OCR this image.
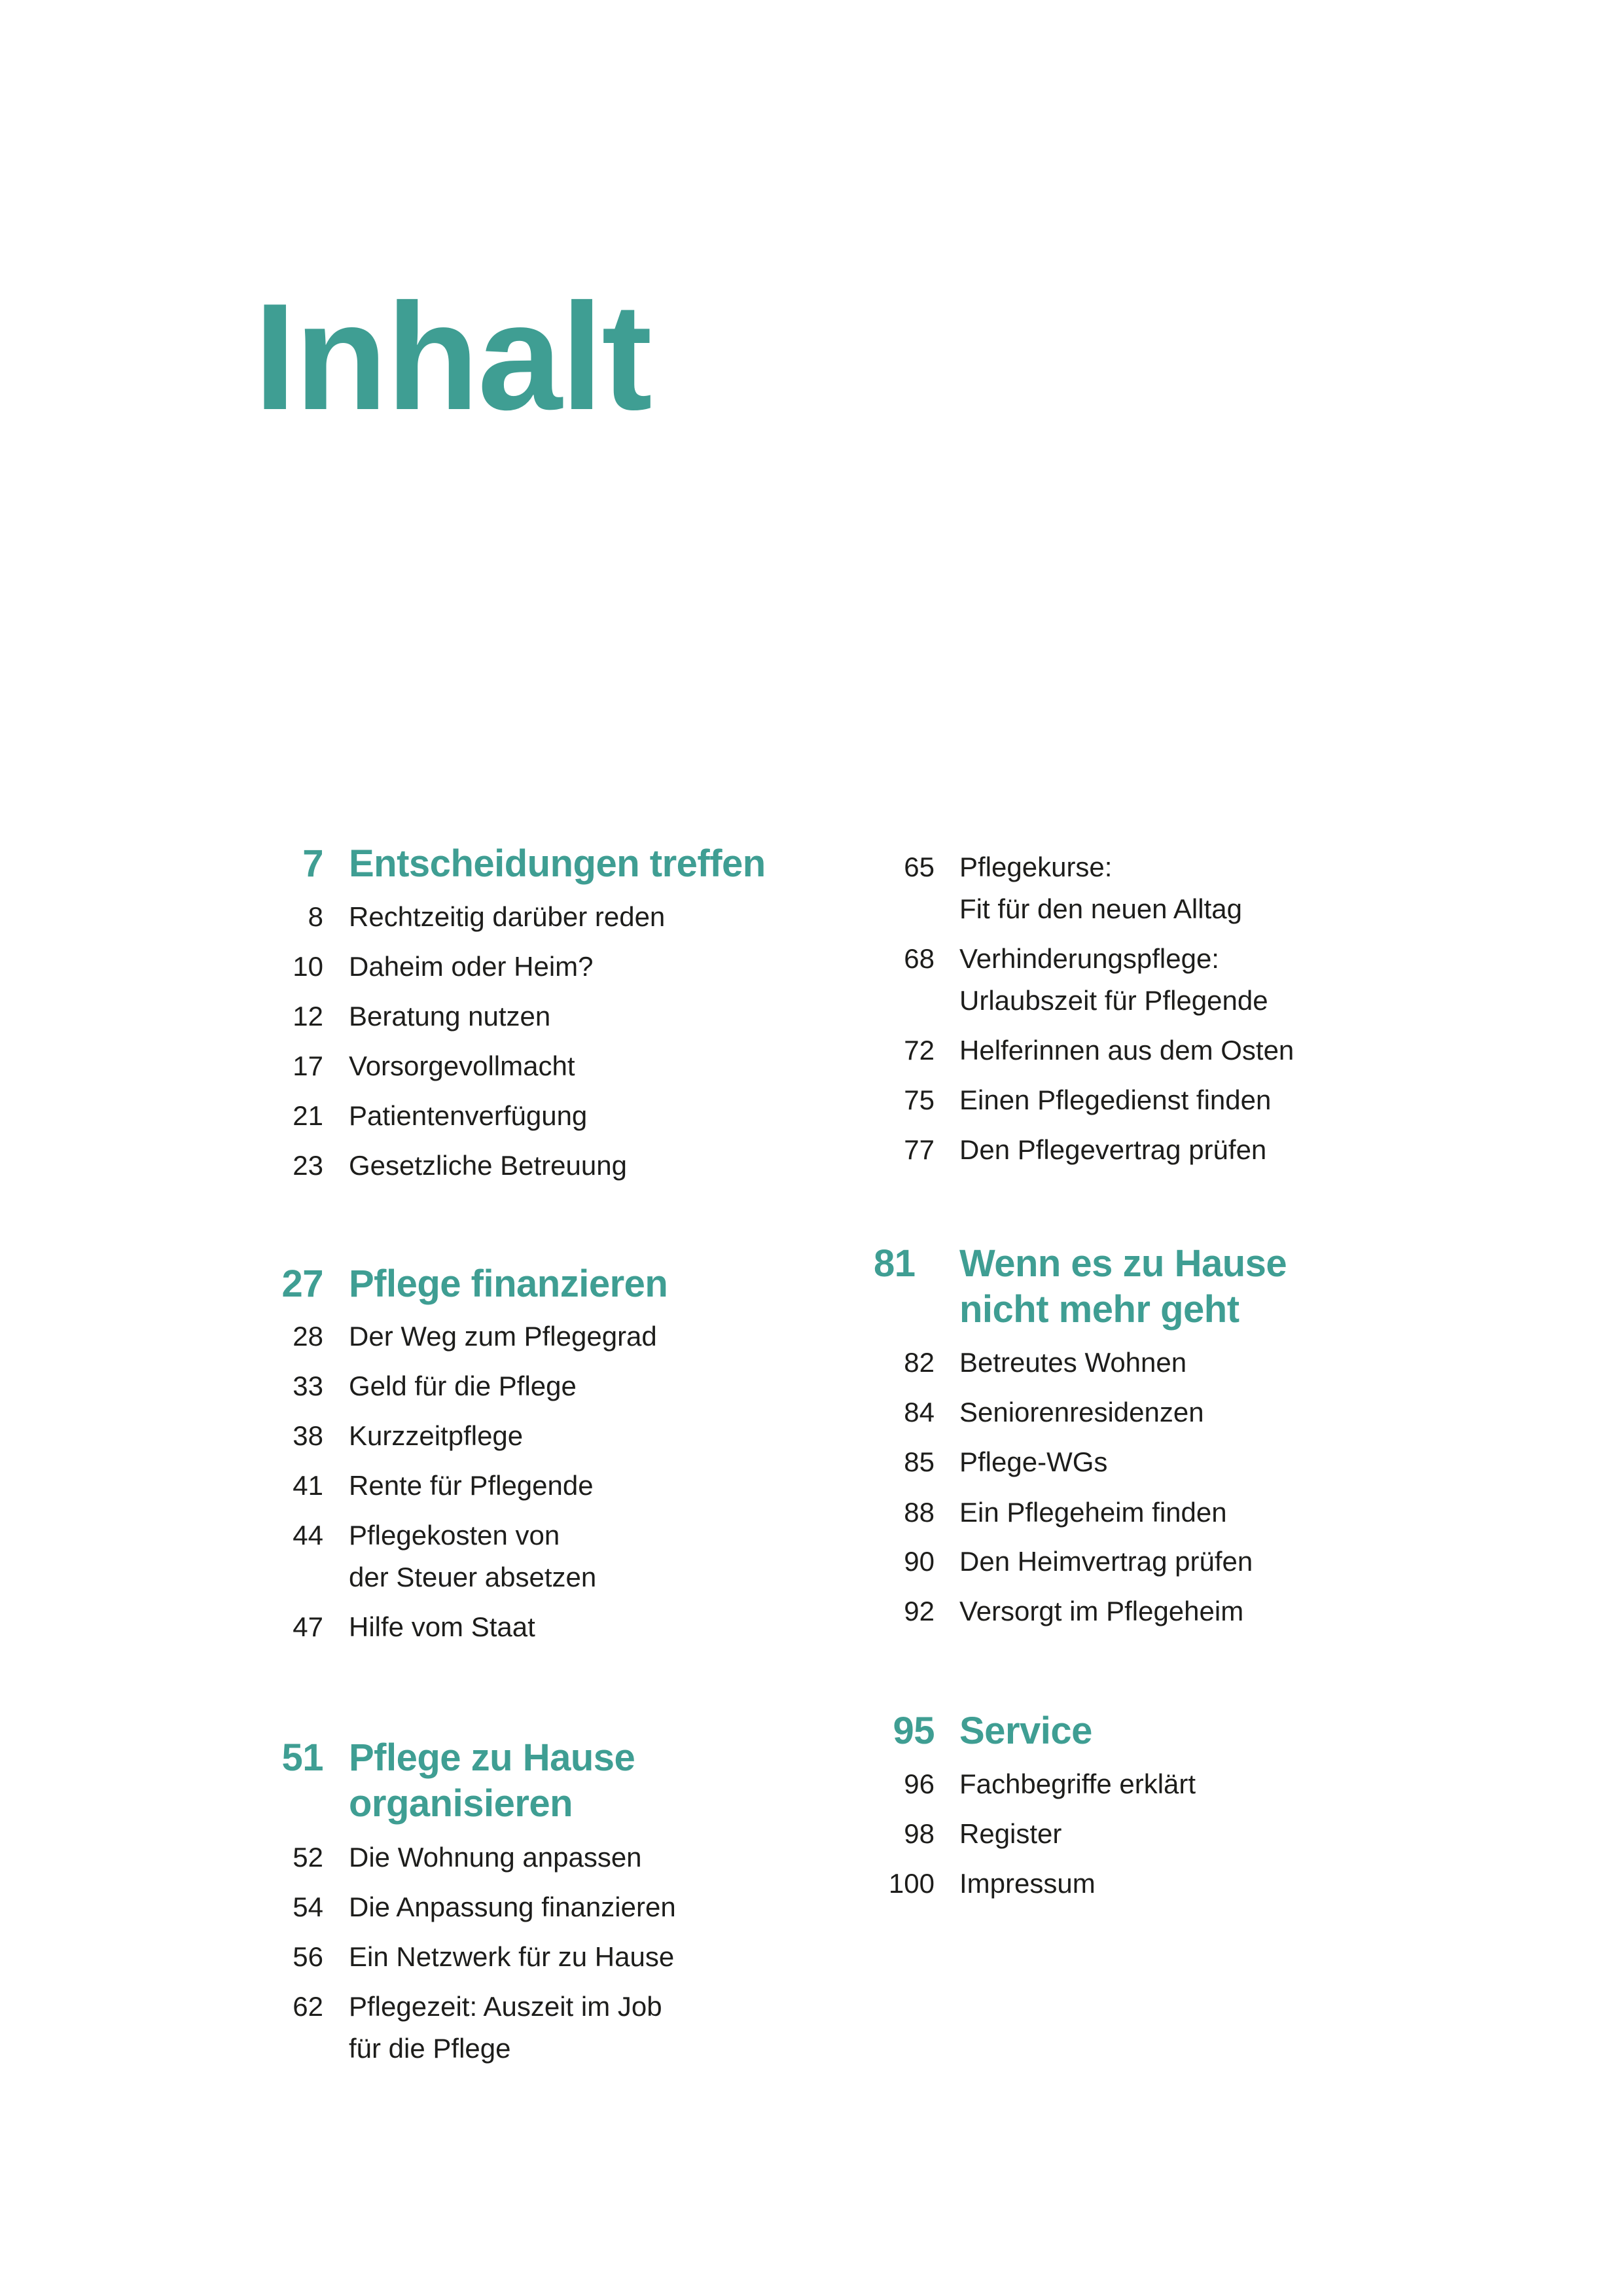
Inhalt
7 Entscheidungen treffen
8 Rechtzeitig darüber reden
10 Daheim oder Heim?
12 Beratung nutzen
17 Vorsorgevollmacht
21 Patientenverfügung
23 Gesetzliche Betreuung
27 Pflege finanzieren
28 Der Weg zum Pflegegrad
33 Geld für die Pflege
38 Kurzzeitpflege
41 Rente für Pflegende
44 Pflegekosten von
der Steuer absetzen
47 Hilfe vom Staat
51 Pflege zu Hause
organisieren
52 Die Wohnung anpassen
54 Die Anpassung finanzieren
56 Ein Netzwerk für zu Hause
62 Pflegezeit: Auszeit im Job
für die Pflege
65 Pflegekurse:
Fit für den neuen Alltag
68 Verhinderungspflege:
Urlaubszeit für Pflegende
72 Helferinnen aus dem Osten
75 Einen Pflegedienst finden
77 Den Pflegevertrag prüfen
81 Wenn es zu Hause
nicht mehr geht
82 Betreutes Wohnen
84 Seniorenresidenzen
85 Pflege-WGs
88 Ein Pflegeheim finden
90 Den Heimvertrag prüfen
92 Versorgt im Pflegeheim
95 Service
96 Fachbegriffe erklärt
98 Register
100 Impressum
